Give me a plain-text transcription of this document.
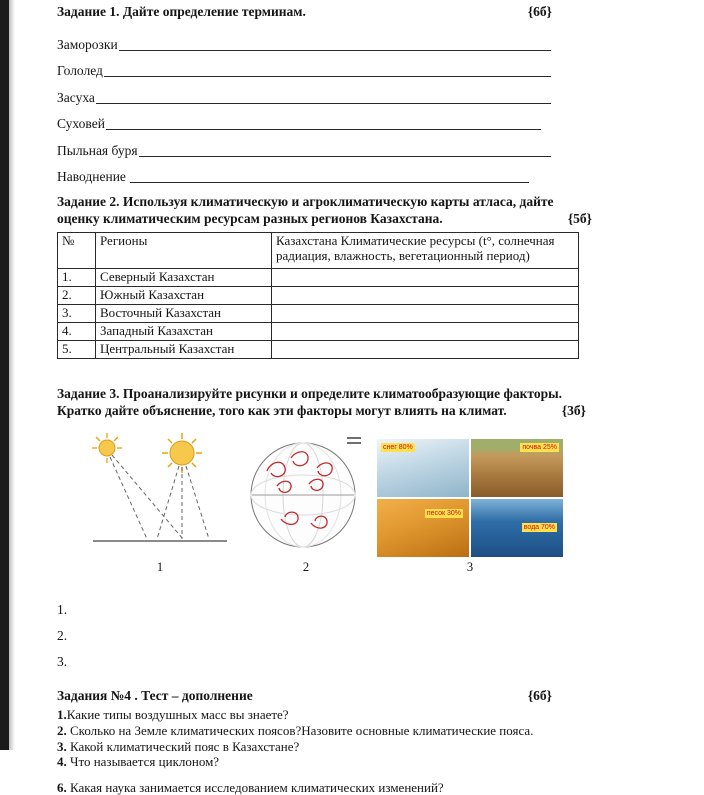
Задание 1. Дайте определение терминам.	{6б}

Заморозки
Гололед
Засуха
Суховей
Пыльная буря
Наводнение

Задание 2. Используя климатическую и агроклиматическую карты атласа, дайте оценку климатическим ресурсам разных регионов Казахстана.	{5б}

№	Регионы	Казахстана Климатические ресурсы (t°, солнечная радиация, влажность, вегетационный период)
1.	Северный Казахстан	
2.	Южный Казахстан	
3.	Восточный Казахстан	
4.	Западный Казахстан	
5.	Центральный Казахстан	

Задание 3. Проанализируйте рисунки и определите климатообразующие факторы. Кратко дайте объяснение, того как эти факторы могут влиять на климат.	{3б}

1	2
снег 80%	почва 25%
песок 30%
вода 70%
3
1.
2.
3.

Задания №4 . Тест – дополнение	{6б}

1.Какие типы воздушных масс вы знаете?

2. Сколько на Земле климатических поясов?Назовите основные климатические пояса.

3. Какой климатический пояс в Казахстане?

4. Что называется циклоном?

6. Какая наука занимается исследованием климатических изменений?
